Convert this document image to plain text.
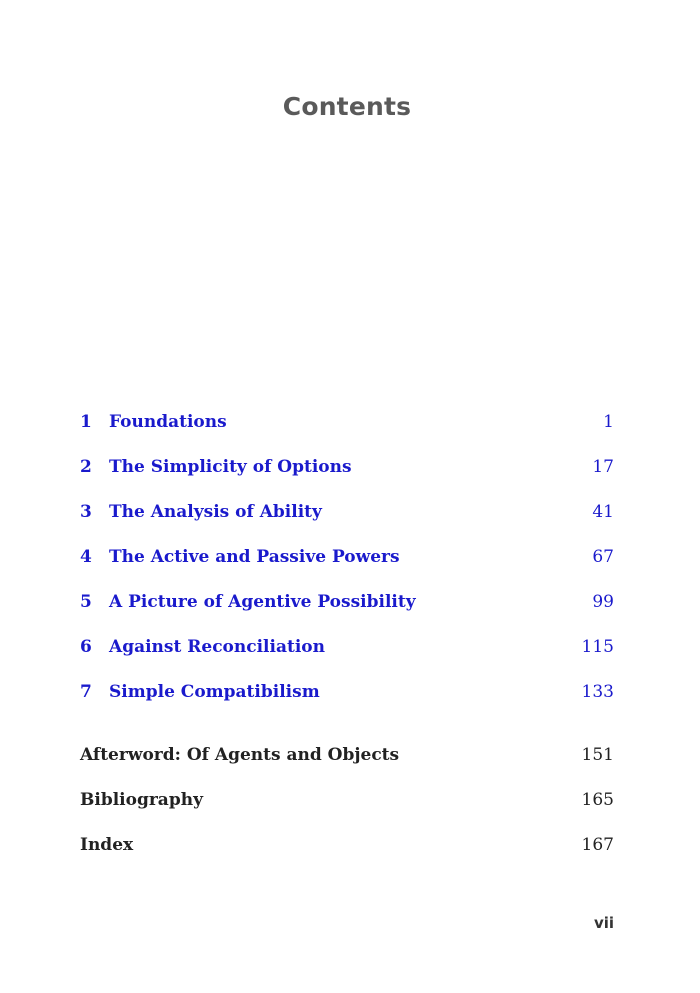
Contents
1	Foundations	1
2	The Simplicity of Options	17
3	The Analysis of Ability	41
4	The Active and Passive Powers	67
5	A Picture of Agentive Possibility	99
6	Against Reconciliation	115
7	Simple Compatibilism	133
Afterword: Of Agents and Objects	151
Bibliography	165
Index	167
vii
